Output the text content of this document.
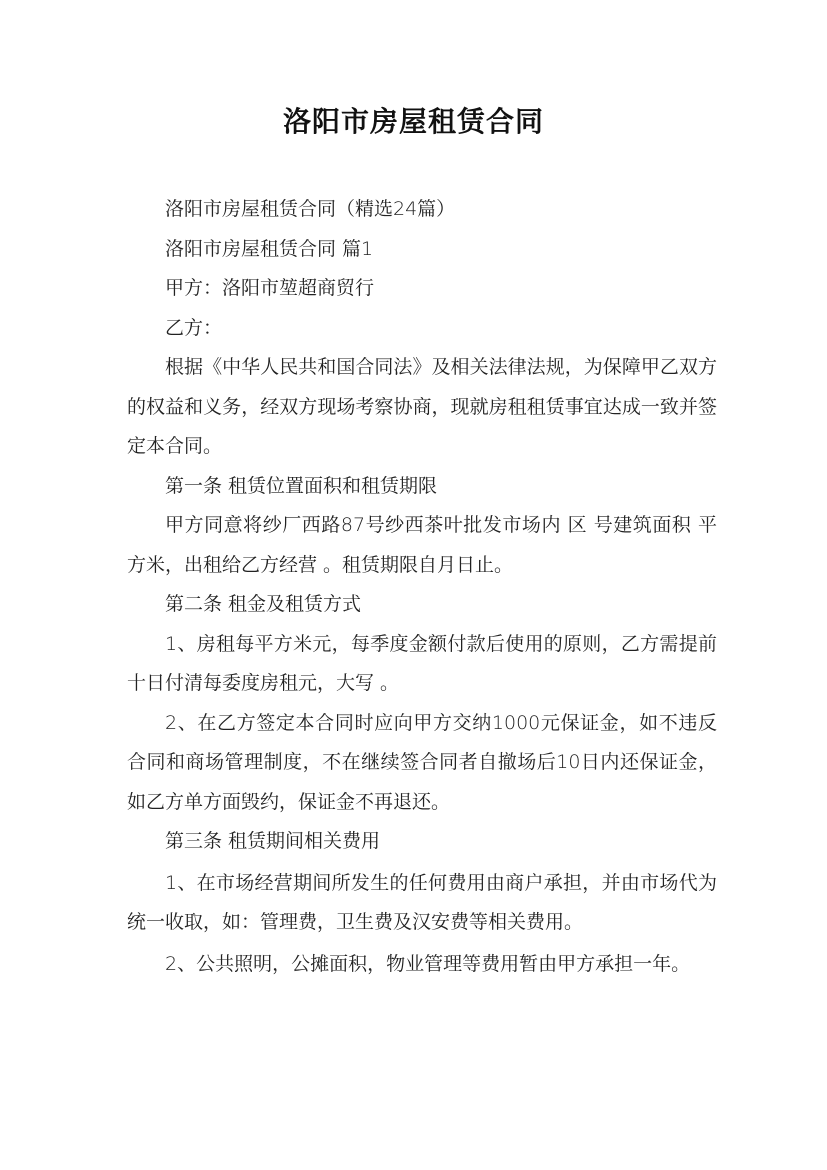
洛阳市房屋租赁合同

洛阳市房屋租赁合同（精选24篇）

洛阳市房屋租赁合同 篇1

甲方：洛阳市堃超商贸行

乙方：

根据《中华人民共和国合同法》及相关法律法规，为保障甲乙双方的权益和义务，经双方现场考察协商，现就房租租赁事宜达成一致并签定本合同。

第一条 租赁位置面积和租赁期限

甲方同意将纱厂西路87号纱西茶叶批发市场内 区 号建筑面积 平方米，出租给乙方经营 。租赁期限自月日止。

第二条 租金及租赁方式

1、房租每平方米元，每季度金额付款后使用的原则，乙方需提前十日付清每委度房租元，大写 。

2、在乙方签定本合同时应向甲方交纳1000元保证金，如不违反合同和商场管理制度，不在继续签合同者自撤场后10日内还保证金，如乙方单方面毁约，保证金不再退还。

第三条 租赁期间相关费用

1、在市场经营期间所发生的任何费用由商户承担，并由市场代为统一收取，如：管理费，卫生费及汉安费等相关费用。

2、公共照明，公摊面积，物业管理等费用暂由甲方承担一年。
